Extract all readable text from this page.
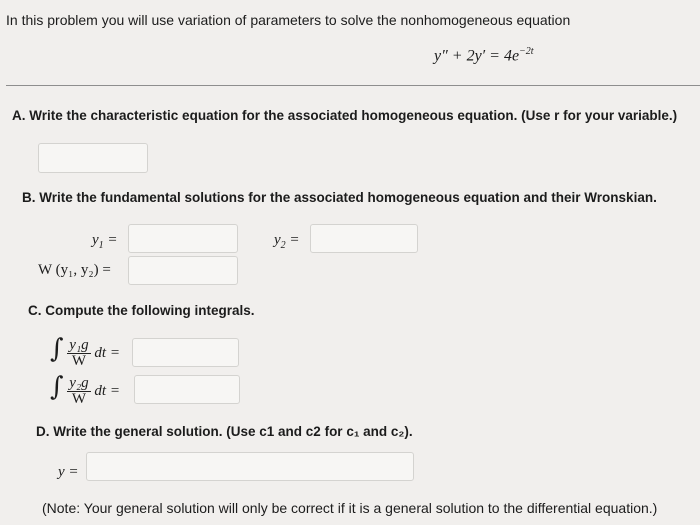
In this problem you will use variation of parameters to solve the nonhomogeneous equation
$y'' + 2y' = 4e^{-2t}$
A. Write the characteristic equation for the associated homogeneous equation. (Use r for your variable.)
B. Write the fundamental solutions for the associated homogeneous equation and their Wronskian.
$y_1$ =	$y_2$ =
W (y₁, y₂) =
C. Compute the following integrals.
∫ $\frac{\text{y₁g}}{W}$ dt =
∫ $\frac{\text{y₂g}}{W}$ dt =
D. Write the general solution. (Use c1 and c2 for c₁ and c₂).
y =
(Note: Your general solution will only be correct if it is a general solution to the differential equation.)
